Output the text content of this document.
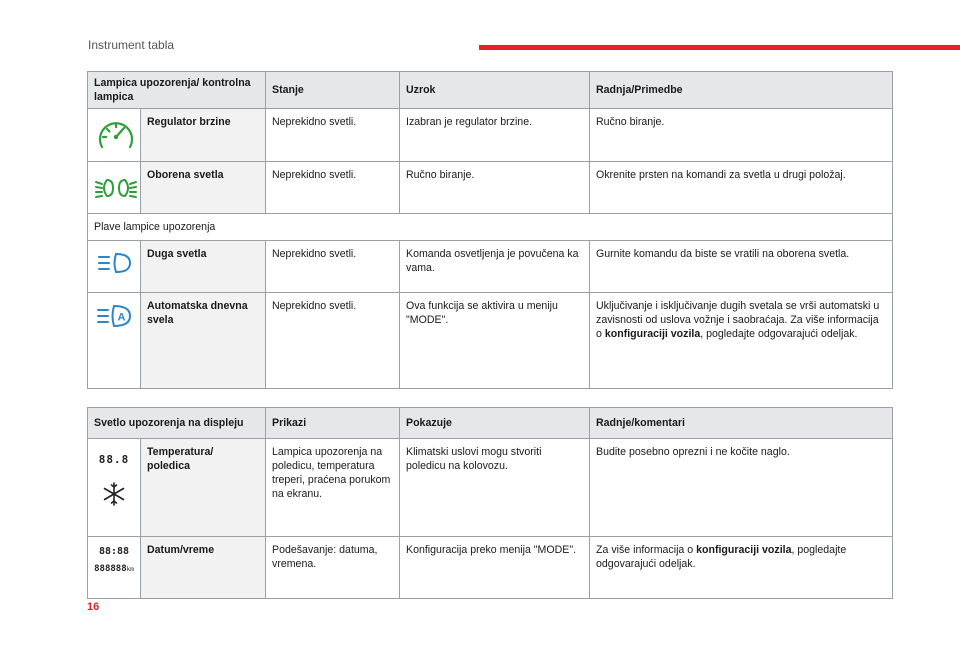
Instrument tabla
Lampica upozorenja/ kontrolna lampica		Stanje	Uzrok	Radnja/Primedbe

	Regulator brzine	Neprekidno svetli.	Izabran je regulator brzine.	Ručno biranje.

	Oborena svetla	Neprekidno svetli.	Ručno biranje.	Okrenite prsten na komandi za svetla u drugi položaj.
Plave lampice upozorenja				

	Duga svetla	Neprekidno svetli.	Komanda osvetljenja je povučena ka vama.	Gurnite komandu da biste se vratili na oborena svetla.

A	Automatska dnevna svela	Neprekidno svetli.	Ova funkcija se aktivira u meniju "MODE".	Uključivanje i isključivanje dugih svetala se vrši automatski u zavisnosti od uslova vožnje i saobraćaja. Za više informacija o konfiguraciji vozila, pogledajte odgovarajući odeljak.
Svetlo upozorenja na displeju		Prikazi	Pokazuje	Radnje/komentari

88.8	Temperatura/ poledica	Lampica upozorenja na poledicu, temperatura treperi, praćena porukom na ekranu.	Klimatski uslovi mogu stvoriti poledicu na kolovozu.	Budite posebno oprezni i ne kočite naglo.

88:88
888888km	Datum/vreme	Podešavanje: datuma, vremena.	Konfiguracija preko menija "MODE".	Za više informacija o konfiguraciji vozila, pogledajte odgovarajući odeljak.
16
